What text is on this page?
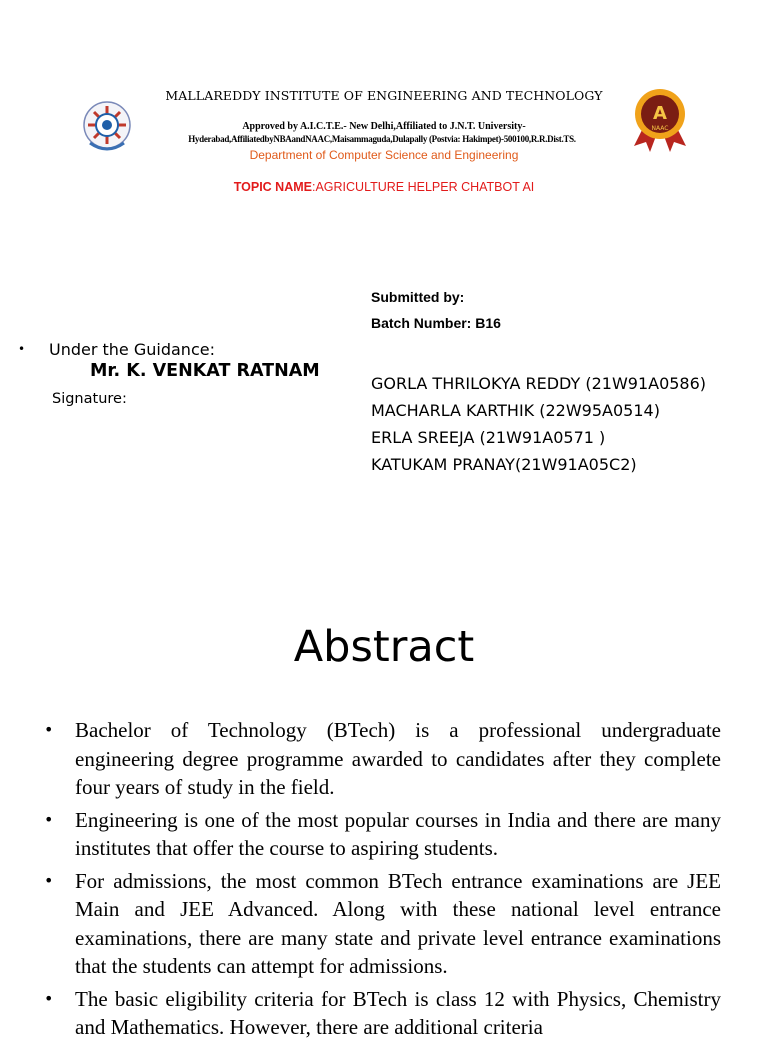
A
NAAC
MALLAREDDY INSTITUTE OF ENGINEERING AND TECHNOLOGY
Approved by A.I.C.T.E.- New Delhi,Affiliated to J.N.T. University-
Hyderabad,AffiliatedbyNBAandNAAC,Maisammaguda,Dulapally (Postvia: Hakimpet)-500100,R.R.Dist.TS.
Department of Computer Science and Engineering
TOPIC NAME:AGRICULTURE HELPER CHATBOT AI
• Under the Guidance:
Mr. K. VENKAT RATNAM
Signature:
Submitted by:
Batch Number: B16
GORLA THRILOKYA REDDY (21W91A0586)
MACHARLA KARTHIK (22W95A0514)
ERLA SREEJA (21W91A0571 )
KATUKAM PRANAY(21W91A05C2)
Abstract
• Bachelor of Technology (BTech) is a professional undergraduate engineering degree programme awarded to candidates after they complete four years of study in the field.
• Engineering is one of the most popular courses in India and there are many institutes that offer the course to aspiring students.
• For admissions, the most common BTech entrance examinations are JEE Main and JEE Advanced. Along with these national level entrance examinations, there are many state and private level entrance examinations that the students can attempt for admissions.
• The basic eligibility criteria for BTech is class 12 with Physics, Chemistry and Mathematics. However, there are additional criteria
